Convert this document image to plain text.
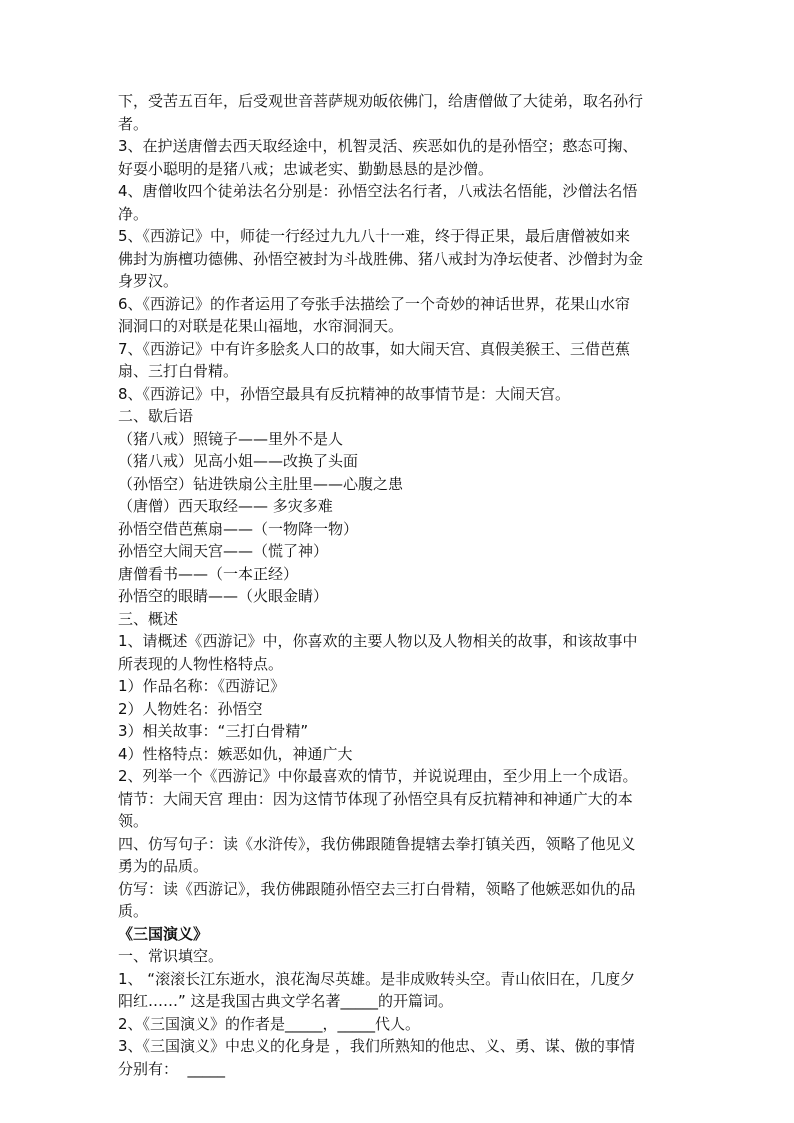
下，受苦五百年，后受观世音菩萨规劝皈依佛门，给唐僧做了大徒弟，取名孙行
者。
3、在护送唐僧去西天取经途中，机智灵活、疾恶如仇的是孙悟空；憨态可掬、
好耍小聪明的是猪八戒；忠诚老实、勤勤恳恳的是沙僧。
4、唐僧收四个徒弟法名分别是：孙悟空法名行者，八戒法名悟能，沙僧法名悟
净。
5、《西游记》中，师徒一行经过九九八十一难，终于得正果，最后唐僧被如来
佛封为旃檀功德佛、孙悟空被封为斗战胜佛、猪八戒封为净坛使者、沙僧封为金
身罗汉。
6、《西游记》的作者运用了夸张手法描绘了一个奇妙的神话世界，花果山水帘
洞洞口的对联是花果山福地，水帘洞洞天。
7、《西游记》中有许多脍炙人口的故事，如大闹天宫、真假美猴王、三借芭蕉
扇、三打白骨精。
8、《西游记》中，孙悟空最具有反抗精神的故事情节是：大闹天宫。
二、歇后语
（猪八戒）照镜子——里外不是人
（猪八戒）见高小姐——改换了头面
（孙悟空）钻进铁扇公主肚里——心腹之患
（唐僧）西天取经—— 多灾多难
孙悟空借芭蕉扇——（一物降一物）
孙悟空大闹天宫——（慌了神）
唐僧看书——（一本正经）
孙悟空的眼睛——（火眼金睛）
三、概述
1、请概述《西游记》中，你喜欢的主要人物以及人物相关的故事，和该故事中
所表现的人物性格特点。
1）作品名称：《西游记》
2）人物姓名：孙悟空
3）相关故事：“三打白骨精”
4）性格特点：嫉恶如仇，神通广大
2、列举一个《西游记》中你最喜欢的情节，并说说理由，至少用上一个成语。
情节：大闹天宫 理由：因为这情节体现了孙悟空具有反抗精神和神通广大的本
领。
四、仿写句子：读《水浒传》，我仿佛跟随鲁提辖去拳打镇关西，领略了他见义
勇为的品质。
仿写：读《西游记》，我仿佛跟随孙悟空去三打白骨精，领略了他嫉恶如仇的品
质。
《三国演义》
一、常识填空。
1、 “滚滚长江东逝水，浪花淘尽英雄。是非成败转头空。青山依旧在，几度夕
阳红……” 这是我国古典文学名著_____的开篇词。
2、《三国演义》的作者是_____，_____代人。
3、《三国演义》中忠义的化身是 ，我们所熟知的他忠、义、勇、谋、傲的事情
分别有：  _____
